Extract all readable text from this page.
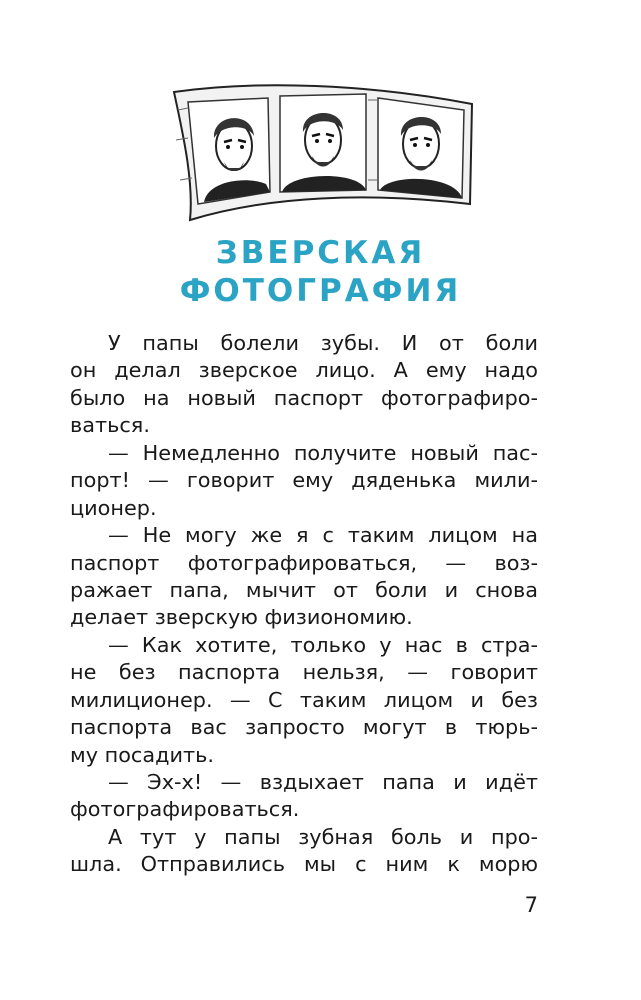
ЗВЕРСКАЯ
ФОТОГРАФИЯ
У папы болели зубы. И от боли
он делал зверское лицо. А ему надо
было на новый паспорт фотографиро-
ваться.
— Немедленно получите новый пас-
порт! — говорит ему дяденька мили-
ционер.
— Не могу же я с таким лицом на
паспорт фотографироваться, — воз-
ражает папа, мычит от боли и снова
делает зверскую физиономию.
— Как хотите, только у нас в стра-
не без паспорта нельзя, — говорит
милиционер. — С таким лицом и без
паспорта вас запросто могут в тюрь-
му посадить.
— Эх-х! — вздыхает папа и идёт
фотографироваться.
А тут у папы зубная боль и про-
шла. Отправились мы с ним к морю
7
